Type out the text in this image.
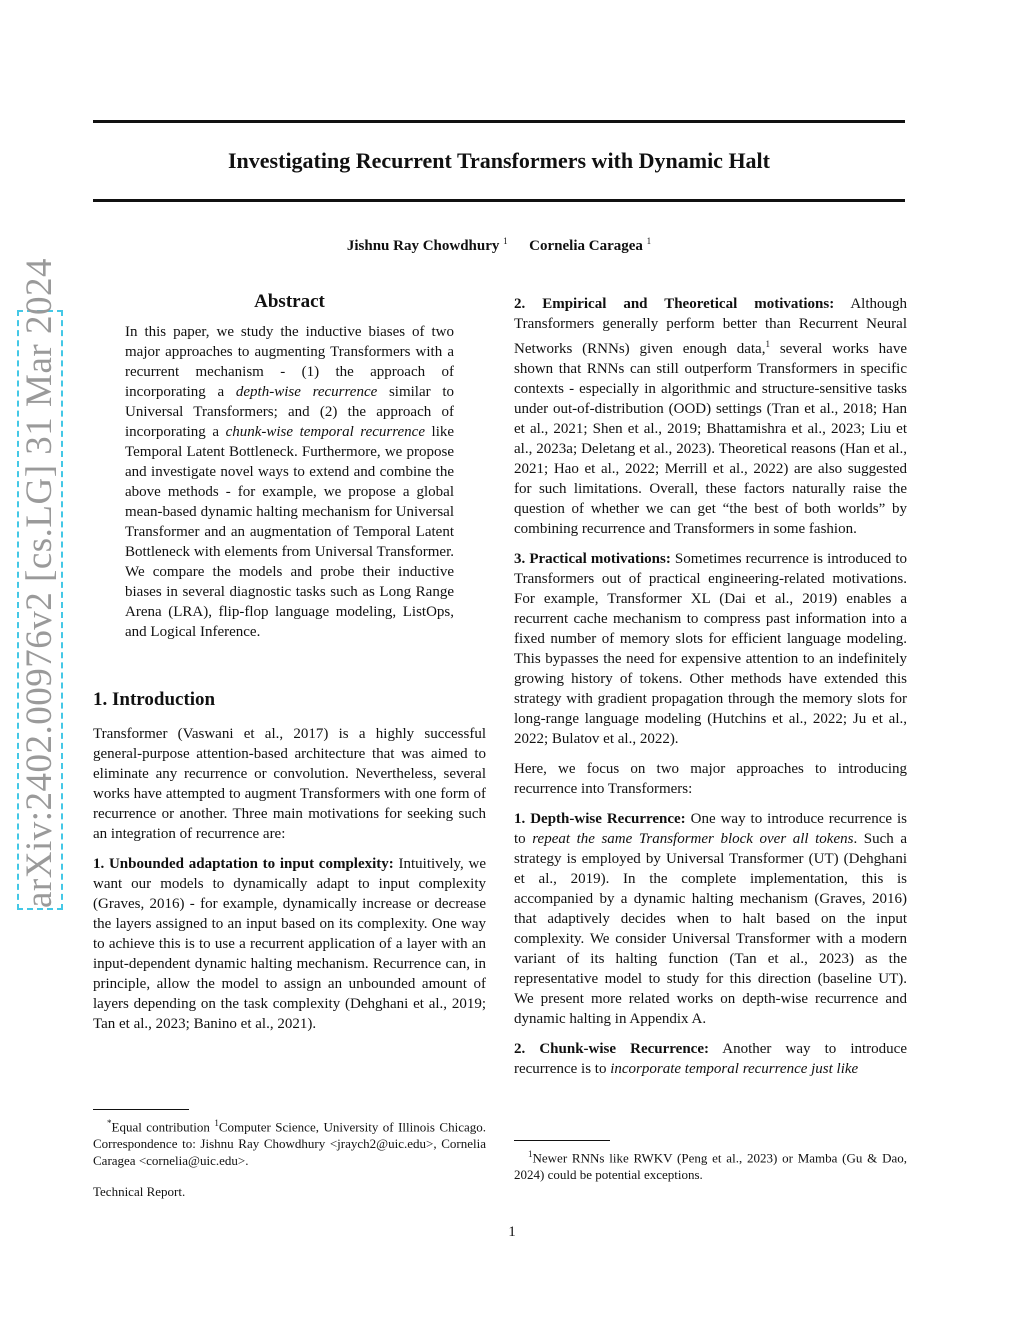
Investigating Recurrent Transformers with Dynamic Halt
Jishnu Ray Chowdhury $^1$ Cornelia Caragea $^1$
arXiv:2402.00976v2 [cs.LG] 31 Mar 2024	Abstract
In this paper, we study the inductive biases of two major approaches to augmenting Transformers with a recurrent mechanism - (1) the approach of incorporating a depth-wise recurrence similar to Universal Transformers; and (2) the approach of incorporating a chunk-wise temporal recurrence like Temporal Latent Bottleneck. Furthermore, we propose and investigate novel ways to extend and combine the above methods - for example, we propose a global mean-based dynamic halting mechanism for Universal Transformer and an augmentation of Temporal Latent Bottleneck with elements from Universal Transformer. We compare the models and probe their inductive biases in several diagnostic tasks such as Long Range Arena (LRA), flip-flop language modeling, ListOps, and Logical Inference.
1. Introduction

Transformer (Vaswani et al., 2017) is a highly successful general-purpose attention-based architecture that was aimed to eliminate any recurrence or convolution. Nevertheless, several works have attempted to augment Transformers with one form of recurrence or another. Three main motivations for seeking such an integration of recurrence are:

1. Unbounded adaptation to input complexity: Intuitively, we want our models to dynamically adapt to input complexity (Graves, 2016) - for example, dynamically increase or decrease the layers assigned to an input based on its complexity. One way to achieve this is to use a recurrent application of a layer with an input-dependent dynamic halting mechanism. Recurrence can, in principle, allow the model to assign an unbounded amount of layers depending on the task complexity (Dehghani et al., 2019; Tan et al., 2023; Banino et al., 2021).

*Equal contribution $^1$Computer Science, University of Illinois Chicago. Correspondence to: Jishnu Ray Chowdhury <jraych2@uic.edu>, Cornelia Caragea <cornelia@uic.edu>.
Technical Report.

2. Empirical and Theoretical motivations: Although Transformers generally perform better than Recurrent Neural Networks (RNNs) given enough data,$^1$ several works have shown that RNNs can still outperform Transformers in specific contexts - especially in algorithmic and structure-sensitive tasks under out-of-distribution (OOD) settings (Tran et al., 2018; Han et al., 2021; Shen et al., 2019; Bhattamishra et al., 2023; Liu et al., 2023a; Deletang et al., 2023). Theoretical reasons (Han et al., 2021; Hao et al., 2022; Merrill et al., 2022) are also suggested for such limitations. Overall, these factors naturally raise the question of whether we can get “the best of both worlds” by combining recurrence and Transformers in some fashion.

3. Practical motivations: Sometimes recurrence is introduced to Transformers out of practical engineering-related motivations. For example, Transformer XL (Dai et al., 2019) enables a recurrent cache mechanism to compress past information into a fixed number of memory slots for efficient language modeling. This bypasses the need for expensive attention to an indefinitely growing history of tokens. Other methods have extended this strategy with gradient propagation through the memory slots for long-range language modeling (Hutchins et al., 2022; Ju et al., 2022; Bulatov et al., 2022).

Here, we focus on two major approaches to introducing recurrence into Transformers:

1. Depth-wise Recurrence: One way to introduce recurrence is to repeat the same Transformer block over all tokens. Such a strategy is employed by Universal Transformer (UT) (Dehghani et al., 2019). In the complete implementation, this is accompanied by a dynamic halting mechanism (Graves, 2016) that adaptively decides when to halt based on the input complexity. We consider Universal Transformer with a modern variant of its halting function (Tan et al., 2023) as the representative model to study for this direction (baseline UT). We present more related works on depth-wise recurrence and dynamic halting in Appendix A.

2. Chunk-wise Recurrence: Another way to introduce recurrence is to incorporate temporal recurrence just like

$^1$Newer RNNs like RWKV (Peng et al., 2023) or Mamba (Gu & Dao, 2024) could be potential exceptions.
1
